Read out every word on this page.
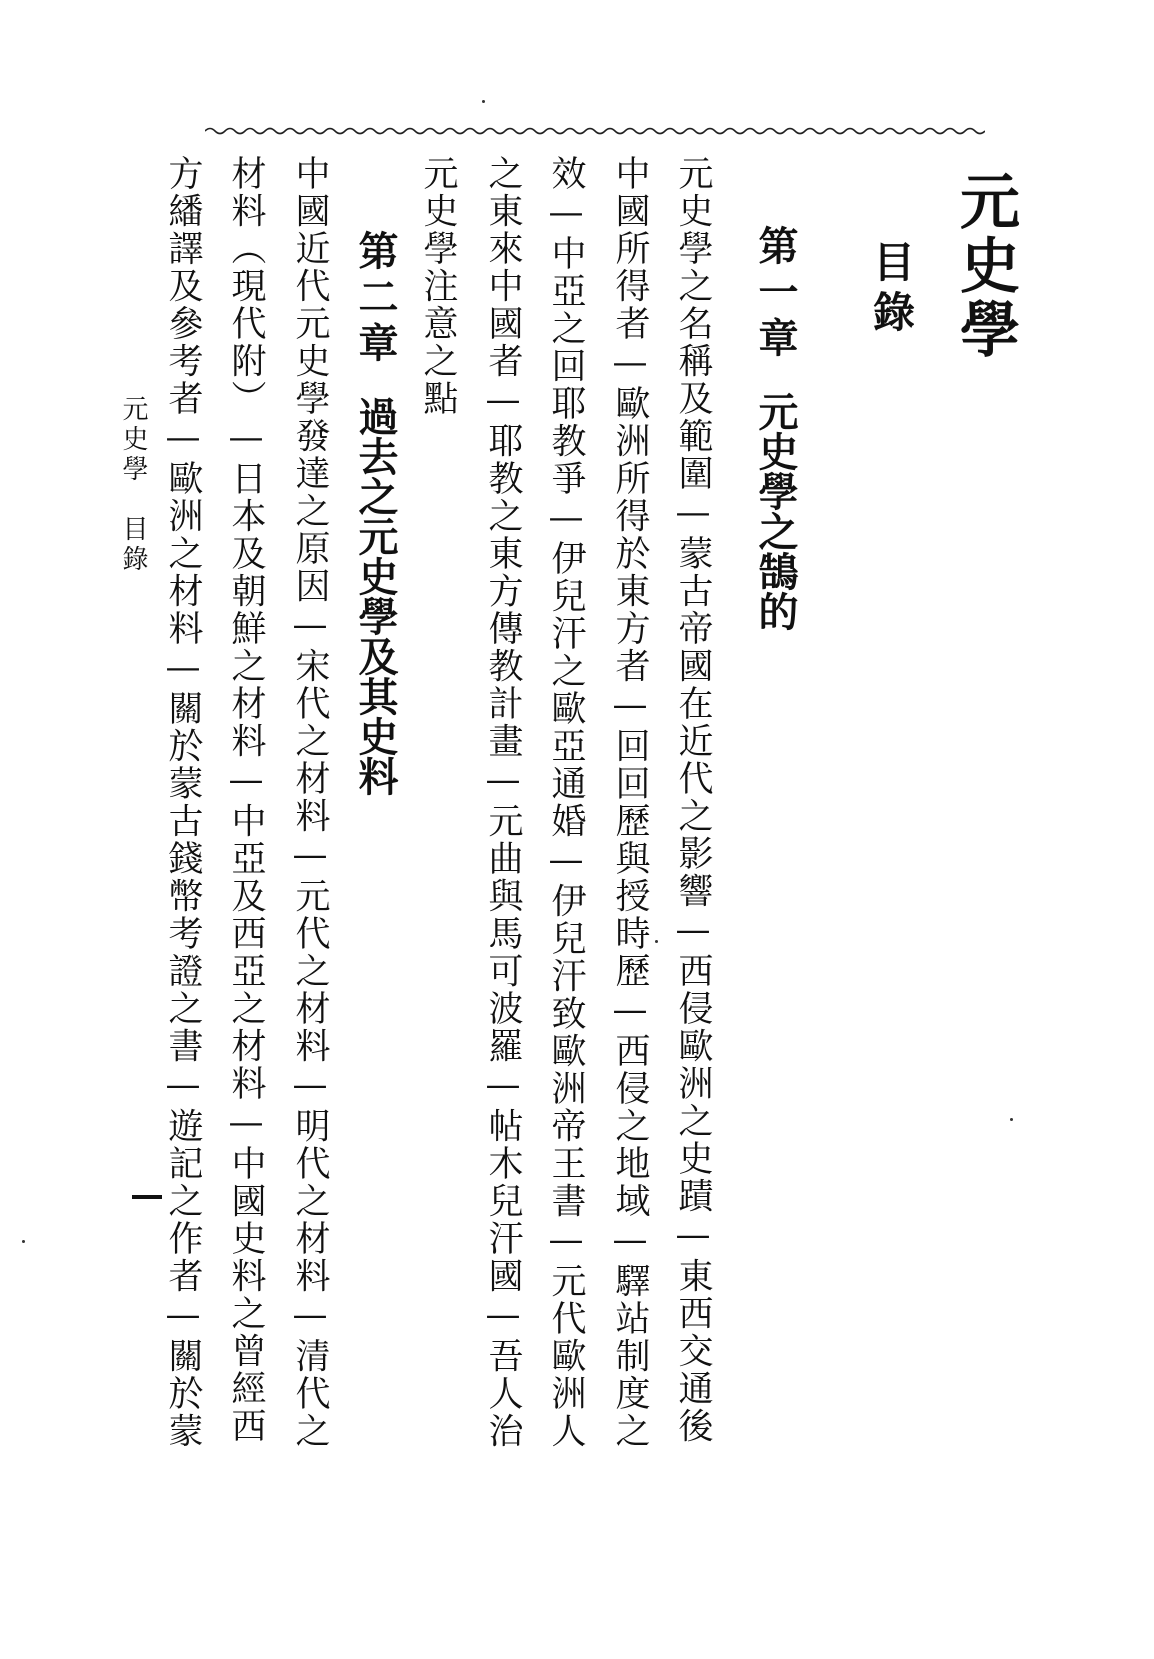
元史學
目錄
第一章元史學之鵠的
元史學之名稱及範圍—蒙古帝國在近代之影響—西侵歐洲之史蹟—東西交通後
中國所得者—歐洲所得於東方者—回回歷與授時歷—西侵之地域—驛站制度之
效—中亞之回耶教爭—伊兒汗之歐亞通婚—伊兒汗致歐洲帝王書—元代歐洲人
之東來中國者—耶教之東方傳教計畫—元曲與馬可波羅—帖木兒汗國—吾人治
元史學注意之點
第二章過去之元史學及其史料
中國近代元史學發達之原因—宋代之材料—元代之材料—明代之材料—清代之
材料（現代附）—日本及朝鮮之材料—中亞及西亞之材料—中國史料之曾經西
方繙譯及參考者—歐洲之材料—關於蒙古錢幣考證之書—遊記之作者—關於蒙
元史學　目錄
